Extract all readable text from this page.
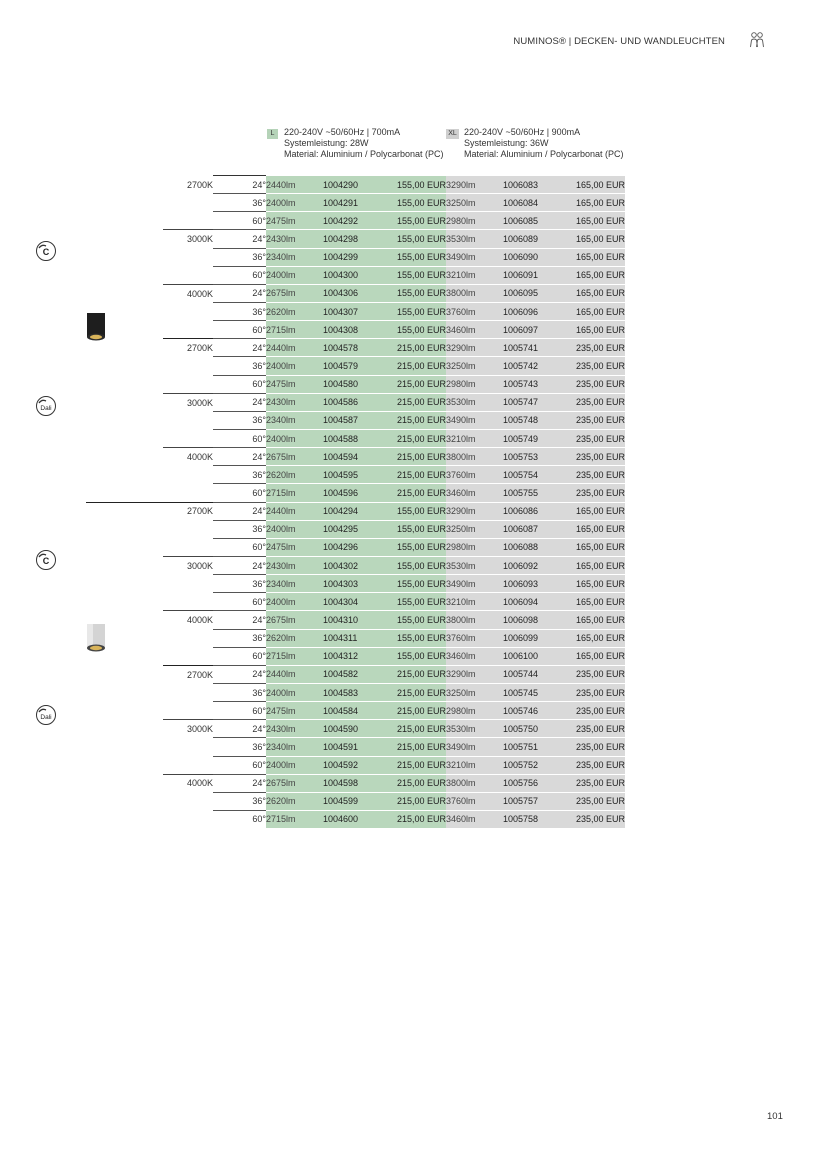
NUMINOS® | DECKEN- UND WANDLEUCHTEN
L	220-240V ~50/60Hz | 700mA
Systemleistung: 28W
Material: Aluminium / Polycarbonat (PC)
XL 220-240V ~50/60Hz | 900mA
Systemleistung: 36W
Material: Aluminium / Polycarbonat (PC)
	2700K	24°	2440lm	1004290	155,00 EUR	3290lm	1006083	165,00 EUR
		36°	2400lm	1004291	155,00 EUR	3250lm	1006084	165,00 EUR
		60°	2475lm	1004292	155,00 EUR	2980lm	1006085	165,00 EUR
	3000K	24°	2430lm	1004298	155,00 EUR	3530lm	1006089	165,00 EUR
		36°	2340lm	1004299	155,00 EUR	3490lm	1006090	165,00 EUR
		60°	2400lm	1004300	155,00 EUR	3210lm	1006091	165,00 EUR
	4000K	24°	2675lm	1004306	155,00 EUR	3800lm	1006095	165,00 EUR
		36°	2620lm	1004307	155,00 EUR	3760lm	1006096	165,00 EUR
		60°	2715lm	1004308	155,00 EUR	3460lm	1006097	165,00 EUR
	2700K	24°	2440lm	1004578	215,00 EUR	3290lm	1005741	235,00 EUR
		36°	2400lm	1004579	215,00 EUR	3250lm	1005742	235,00 EUR
		60°	2475lm	1004580	215,00 EUR	2980lm	1005743	235,00 EUR
	3000K	24°	2430lm	1004586	215,00 EUR	3530lm	1005747	235,00 EUR
		36°	2340lm	1004587	215,00 EUR	3490lm	1005748	235,00 EUR
		60°	2400lm	1004588	215,00 EUR	3210lm	1005749	235,00 EUR
	4000K	24°	2675lm	1004594	215,00 EUR	3800lm	1005753	235,00 EUR
		36°	2620lm	1004595	215,00 EUR	3760lm	1005754	235,00 EUR
		60°	2715lm	1004596	215,00 EUR	3460lm	1005755	235,00 EUR
	2700K	24°	2440lm	1004294	155,00 EUR	3290lm	1006086	165,00 EUR
		36°	2400lm	1004295	155,00 EUR	3250lm	1006087	165,00 EUR
		60°	2475lm	1004296	155,00 EUR	2980lm	1006088	165,00 EUR
	3000K	24°	2430lm	1004302	155,00 EUR	3530lm	1006092	165,00 EUR
		36°	2340lm	1004303	155,00 EUR	3490lm	1006093	165,00 EUR
		60°	2400lm	1004304	155,00 EUR	3210lm	1006094	165,00 EUR
	4000K	24°	2675lm	1004310	155,00 EUR	3800lm	1006098	165,00 EUR
		36°	2620lm	1004311	155,00 EUR	3760lm	1006099	165,00 EUR
		60°	2715lm	1004312	155,00 EUR	3460lm	1006100	165,00 EUR
	2700K	24°	2440lm	1004582	215,00 EUR	3290lm	1005744	235,00 EUR
		36°	2400lm	1004583	215,00 EUR	3250lm	1005745	235,00 EUR
		60°	2475lm	1004584	215,00 EUR	2980lm	1005746	235,00 EUR
	3000K	24°	2430lm	1004590	215,00 EUR	3530lm	1005750	235,00 EUR
		36°	2340lm	1004591	215,00 EUR	3490lm	1005751	235,00 EUR
		60°	2400lm	1004592	215,00 EUR	3210lm	1005752	235,00 EUR
	4000K	24°	2675lm	1004598	215,00 EUR	3800lm	1005756	235,00 EUR
		36°	2620lm	1004599	215,00 EUR	3760lm	1005757	235,00 EUR
		60°	2715lm	1004600	215,00 EUR	3460lm	1005758	235,00 EUR
C
Dali
C
Dali
101
